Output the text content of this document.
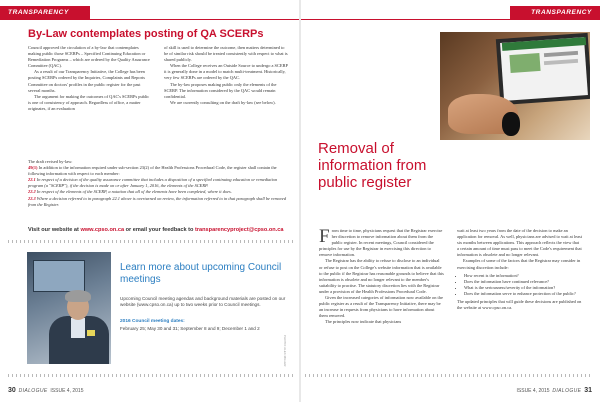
TRANSPARENCY
By-Law contemplates posting of QA SCERPs

Council approved the circulation of a by-law that contemplates making public those SCERPs – Specified Continuing Education or Remediation Programs – which are ordered by the Quality Assurance Committee (QAC).

As a result of our Transparency Initiative, the College has been posting SCERPs ordered by the Inquiries, Complaints and Reports Committee on doctors' profiles in the public register for the past several months.

The argument for making the outcomes of QAC's SCERPs public is one of consistency of approach. Regardless of office, a matter originates, if an evaluation

of skill is used to determine the outcome, then matters determined to be of similar risk should be treated consistently with respect to what is shared publicly.

When the College receives an Outside Source to undergo a SCERP it is generally done in a model to match multi-treatment. Historically, very few SCERPs are ordered by the QAC.

The by-law proposes making public only the elements of the SCERP. The information considered by the QAC would remain confidential.

We are currently consulting on the draft by-law (see below).

The draft revised by-law:

49(1) In addition to the information required under sub-section 23(2) of the Health Professions Procedural Code, the register shall contain the following information with respect to each member:

22.1 In respect of a decision of the quality assurance committee that includes a disposition of a specified continuing education or remediation program (a "SCERP"), if the decision is made on or after January 1, 2016, the elements of the SCERP.

22.2 In respect of the elements of the SCERP, a notation that all of the elements have been completed, where it does.

22.3 Where a decision referred to in paragraph 22.1 above is overturned on review, the information referred to in that paragraph shall be removed from the Register.

Visit our website at www.cpso.on.ca or email your feedback to transparencyproject@cpso.on.ca
Learn more about upcoming Council meetings
Upcoming Council meeting agendas and background materials are posted on our website (www.cpso.on.ca) up to two weeks prior to Council meetings.
2016 Council meeting dates:
February 25; May 30 and 31; September 8 and 9; December 1 and 2
PHOTO: ALEX MILLER
30 DIALOGUE ISSUE 4, 2015
TRANSPARENCY
Removal of information from public register

From time to time, physicians request that the Registrar exercise her discretion to remove information about them from the public register. In recent meetings, Council considered the principles for use by the Registrar in exercising this direction to remove information.

The Registrar has the ability to refuse to disclose to an individual or refuse to post on the College's website information that is available to the public if the Registrar has reasonable grounds to believe that this information is obsolete and no longer relevant to the member's suitability to practise. The statutory discretion lies with the Registrar under a provision of the Health Professions Procedural Code.

Given the increased categories of information now available on the public register as a result of the Transparency Initiative, there may be an increase in requests from physicians to have information about them removed.

The principles now indicate that physicians

wait at least two years from the date of the decision to make an application for removal. As well, physicians are advised to wait at least six months between applications. This approach reflects the view that a certain amount of time must pass to meet the Code's requirement that information is obsolete and no longer relevant.

Examples of some of the factors that the Registrar may consider in exercising discretion include:

• How recent is the information?
• Does the information have continued relevance?
• What is the seriousness/severity of the information?
• Does the information serve to enhance protection of the public?

The updated principles that will guide these decisions are published on the website at www.cpso.on.ca.

ISSUE 4, 2015 DIALOGUE 31
